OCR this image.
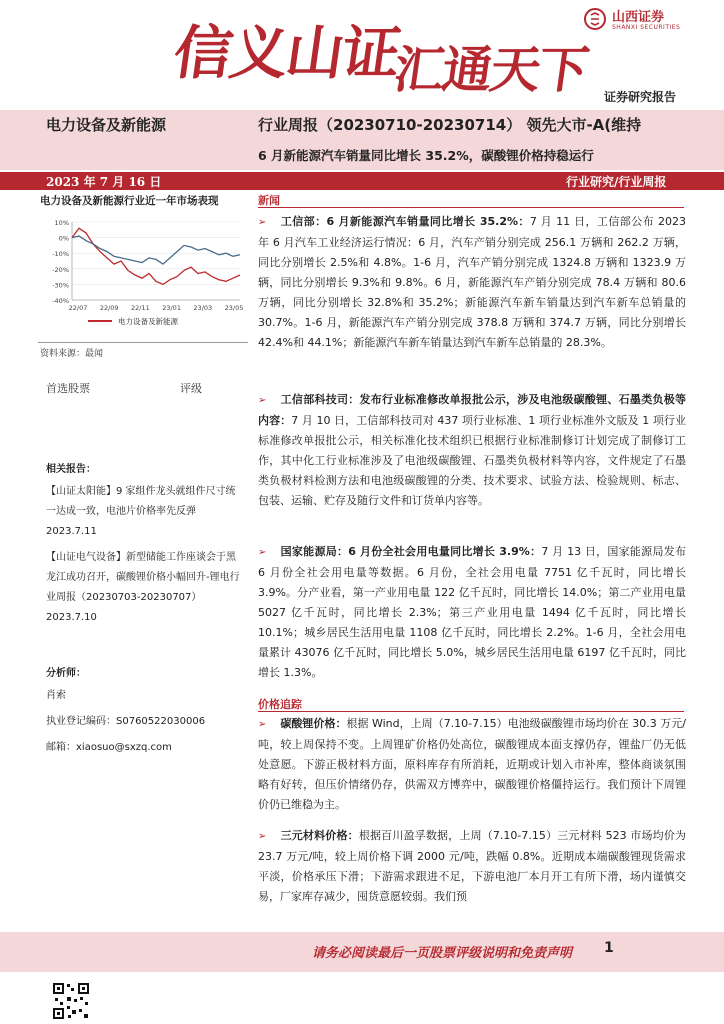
信义山证
汇通天下
山西证券
SHANXI SECURITIES
证券研究报告
电力设备及新能源	行业周报（20230710-20230714） 领先大市-A(维持
6 月新能源汽车销量同比增长 35.2%，碳酸锂价格持稳运行
2023 年 7 月 16 日	行业研究/行业周报
电力设备及新能源行业近一年市场表现
10%
0%
-10%
-20%
-30%
-40%
22/07 22/09 22/11 23/01 23/03 23/05
电力设备及新能源
资料来源：最闻
首选股票	评级
相关报告：
【山证太阳能】9 家组件龙头就组件尺寸统一达成一致，电池片价格率先反弹
2023.7.11
【山证电气设备】新型储能工作座谈会于黑龙江成功召开，碳酸锂价格小幅回升-锂电行业周报（20230703-20230707）
2023.7.10
分析师：
肖索
执业登记编码：S0760522030006
邮箱：xiaosuo@sxzq.com
新闻
➢ 工信部：6 月新能源汽车销量同比增长 35.2%：7 月 11 日，工信部公布 2023 年 6 月汽车工业经济运行情况：6 月，汽车产销分别完成 256.1 万辆和 262.2 万辆，同比分别增长 2.5%和 4.8%。1-6 月，汽车产销分别完成 1324.8 万辆和 1323.9 万辆，同比分别增长 9.3%和 9.8%。6 月，新能源汽车产销分别完成 78.4 万辆和 80.6 万辆，同比分别增长 32.8%和 35.2%；新能源汽车新车销量达到汽车新车总销量的 30.7%。1-6 月，新能源汽车产销分别完成 378.8 万辆和 374.7 万辆，同比分别增长 42.4%和 44.1%；新能源汽车新车销量达到汽车新车总销量的 28.3%。
➢ 工信部科技司：发布行业标准修改单报批公示，涉及电池级碳酸锂、石墨类负极等内容：7 月 10 日，工信部科技司对 437 项行业标准、1 项行业标准外文版及 1 项行业标准修改单报批公示，相关标准化技术组织已根据行业标准制修订计划完成了制修订工作，其中化工行业标准涉及了电池级碳酸锂、石墨类负极材料等内容，文件规定了石墨类负极材料检测方法和电池级碳酸锂的分类、技术要求、试验方法、检验规则、标志、包装、运输、贮存及随行文件和订货单内容等。
➢ 国家能源局：6 月份全社会用电量同比增长 3.9%：7 月 13 日，国家能源局发布 6 月份全社会用电量等数据。6 月份，全社会用电量 7751 亿千瓦时，同比增长 3.9%。分产业看，第一产业用电量 122 亿千瓦时，同比增长 14.0%；第二产业用电量 5027 亿千瓦时，同比增长 2.3%；第三产业用电量 1494 亿千瓦时，同比增长 10.1%；城乡居民生活用电量 1108 亿千瓦时，同比增长 2.2%。1-6 月，全社会用电量累计 43076 亿千瓦时，同比增长 5.0%，城乡居民生活用电量 6197 亿千瓦时，同比增长 1.3%。
价格追踪
➢ 碳酸锂价格：根据 Wind，上周（7.10-7.15）电池级碳酸锂市场均价在 30.3 万元/吨，较上周保持不变。上周锂矿价格仍处高位，碳酸锂成本面支撑仍存，锂盐厂仍无低处意愿。下游正极材料方面，原料库存有所消耗，近期或计划入市补库，整体商谈氛围略有好转，但压价情绪仍存，供需双方博弈中，碳酸锂价格僵持运行。我们预计下周锂价仍已维稳为主。
➢ 三元材料价格：根据百川盈孚数据，上周（7.10-7.15）三元材料 523 市场均价为 23.7 万元/吨，较上周价格下调 2000 元/吨，跌幅 0.8%。近期成本端碳酸锂现货需求平淡，价格承压下滑；下游需求跟进不足，下游电池厂本月开工有所下滑，场内谨慎交易，厂家库存减少，囤货意愿较弱。我们预
请务必阅读最后一页股票评级说明和免责声明 1
